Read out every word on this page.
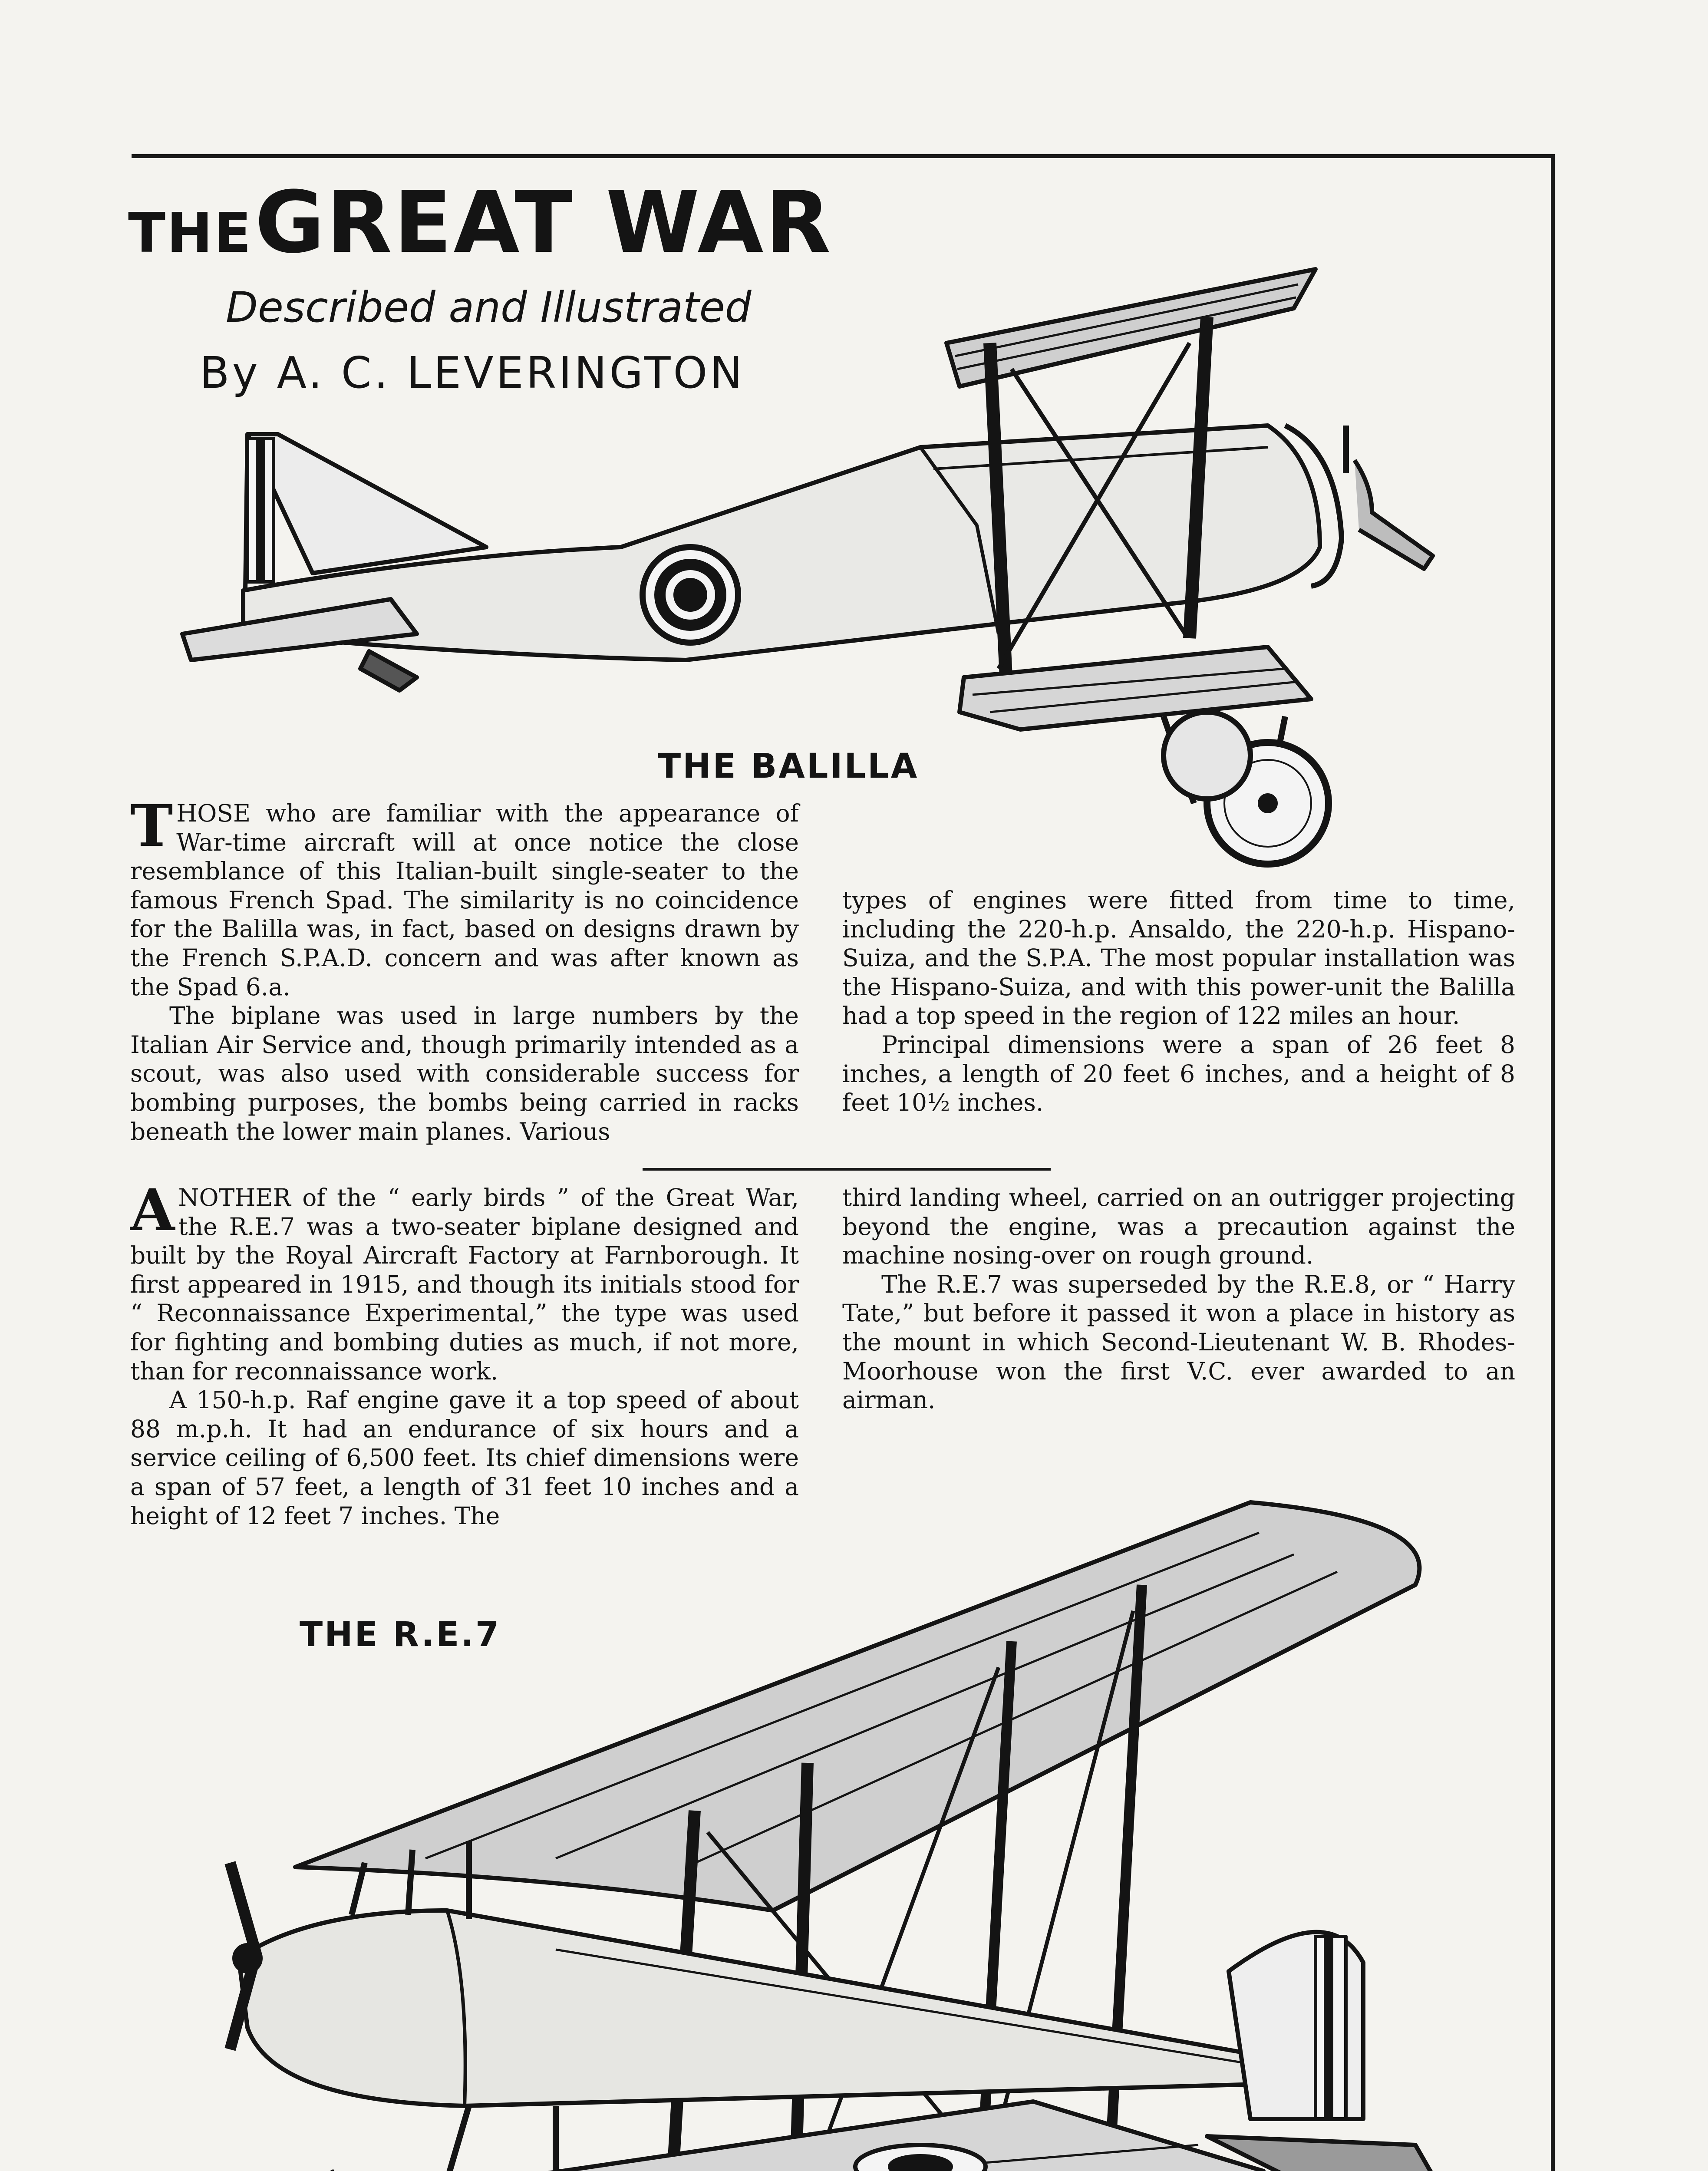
THE GREAT WAR
Described and Illustrated
By A. C. LEVERINGTON
THE BALILLA
T HOSE who are familiar with the appearance of War-time aircraft will at once notice the close resemblance of this Italian-built single-seater to the famous French Spad. The similarity is no coincidence for the Balilla was, in fact, based on designs drawn by the French S.P.A.D. concern and was after known as the Spad 6.a.

The biplane was used in large numbers by the Italian Air Service and, though primarily intended as a scout, was also used with considerable success for bombing purposes, the bombs being carried in racks beneath the lower main planes. Various

types of engines were fitted from time to time, including the 220-h.p. Ansaldo, the 220-h.p. Hispano-Suiza, and the S.P.A. The most popular installation was the Hispano-Suiza, and with this power-unit the Balilla had a top speed in the region of 122 miles an hour.

Principal dimensions were a span of 26 feet 8 inches, a length of 20 feet 6 inches, and a height of 8 feet 10½ inches.

A NOTHER of the “ early birds ” of the Great War, the R.E.7 was a two-seater biplane designed and built by the Royal Aircraft Factory at Farnborough. It first appeared in 1915, and though its initials stood for “ Reconnaissance Experimental,” the type was used for fighting and bombing duties as much, if not more, than for reconnaissance work.

A 150-h.p. Raf engine gave it a top speed of about 88 m.p.h. It had an endurance of six hours and a service ceiling of 6,500 feet. Its chief dimensions were a span of 57 feet, a length of 31 feet 10 inches and a height of 12 feet 7 inches. The

third landing wheel, carried on an outrigger projecting beyond the engine, was a precaution against the machine nosing-over on rough ground.

The R.E.7 was superseded by the R.E.8, or “ Harry Tate,” but before it passed it won a place in history as the mount in which Second-Lieutenant W. B. Rhodes-Moorhouse won the first V.C. ever awarded to an airman.

THE R.E.7
